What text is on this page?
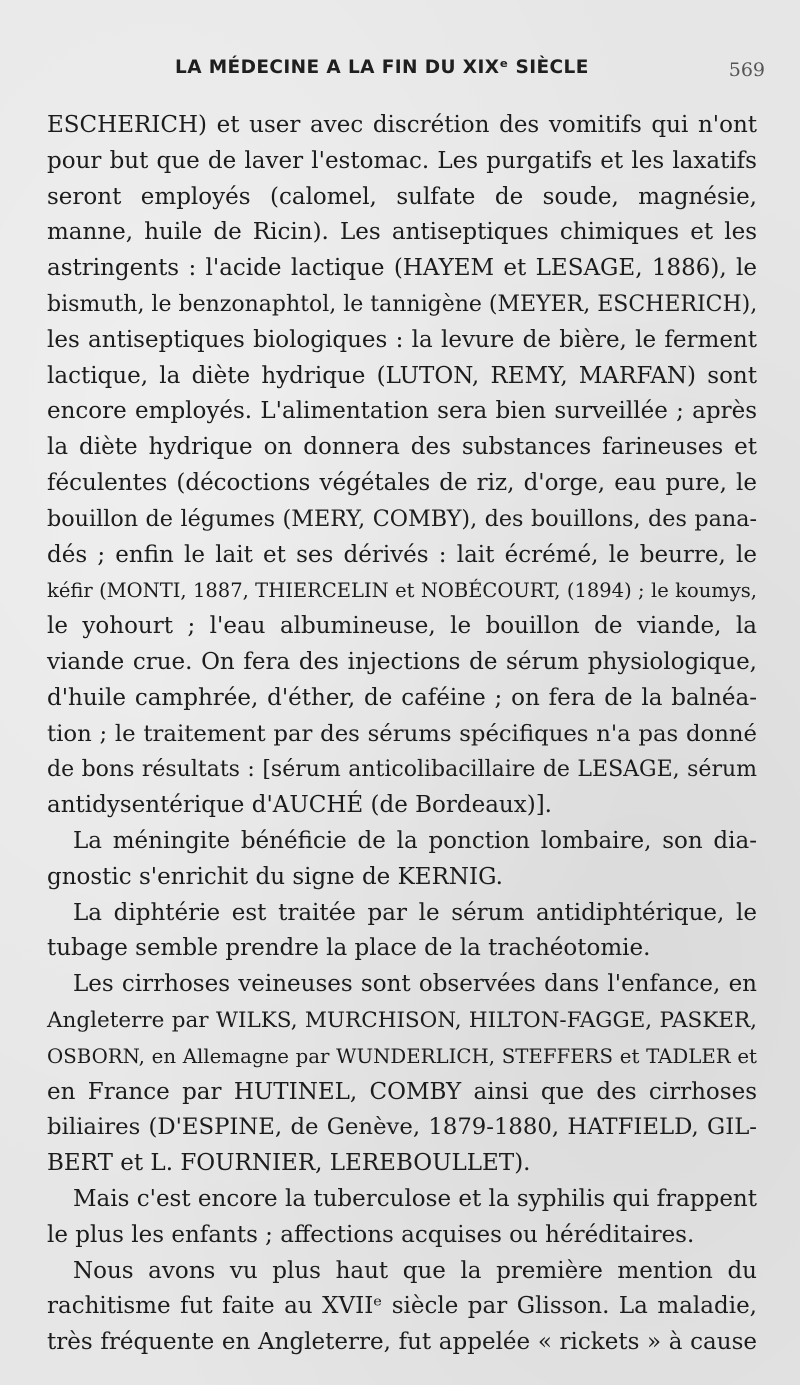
LA MÉDECINE A LA FIN DU XIXᵉ SIÈCLE	569
ESCHERICH) et user avec discrétion des vomitifs qui n'ont
pour but que de laver l'estomac. Les purgatifs et les laxatifs
seront employés (calomel, sulfate de soude, magnésie,
manne, huile de Ricin). Les antiseptiques chimiques et les
astringents : l'acide lactique (HAYEM et LESAGE, 1886), le
bismuth, le benzonaphtol, le tannigène (MEYER, ESCHERICH),
les antiseptiques biologiques : la levure de bière, le ferment
lactique, la diète hydrique (LUTON, REMY, MARFAN) sont
encore employés. L'alimentation sera bien surveillée ; après
la diète hydrique on donnera des substances farineuses et
féculentes (décoctions végétales de riz, d'orge, eau pure, le
bouillon de légumes (MERY, COMBY), des bouillons, des pana-
dés ; enfin le lait et ses dérivés : lait écrémé, le beurre, le
kéfir (MONTI, 1887, THIERCELIN et NOBÉCOURT, (1894) ; le koumys,
le yohourt ; l'eau albumineuse, le bouillon de viande, la
viande crue. On fera des injections de sérum physiologique,
d'huile camphrée, d'éther, de caféine ; on fera de la balnéa-
tion ; le traitement par des sérums spécifiques n'a pas donné
de bons résultats : [sérum anticolibacillaire de LESAGE, sérum
antidysentérique d'AUCHÉ (de Bordeaux)].
La méningite bénéficie de la ponction lombaire, son dia-
gnostic s'enrichit du signe de KERNIG.
La diphtérie est traitée par le sérum antidiphtérique, le
tubage semble prendre la place de la trachéotomie.
Les cirrhoses veineuses sont observées dans l'enfance, en
Angleterre par WILKS, MURCHISON, HILTON-FAGGE, PASKER,
OSBORN, en Allemagne par WUNDERLICH, STEFFERS et TADLER et
en France par HUTINEL, COMBY ainsi que des cirrhoses
biliaires (D'ESPINE, de Genève, 1879-1880, HATFIELD, GIL-
BERT et L. FOURNIER, LEREBOULLET).
Mais c'est encore la tuberculose et la syphilis qui frappent
le plus les enfants ; affections acquises ou héréditaires.
Nous avons vu plus haut que la première mention du
rachitisme fut faite au XVIIᵉ siècle par Glisson. La maladie,
très fréquente en Angleterre, fut appelée « rickets » à cause
